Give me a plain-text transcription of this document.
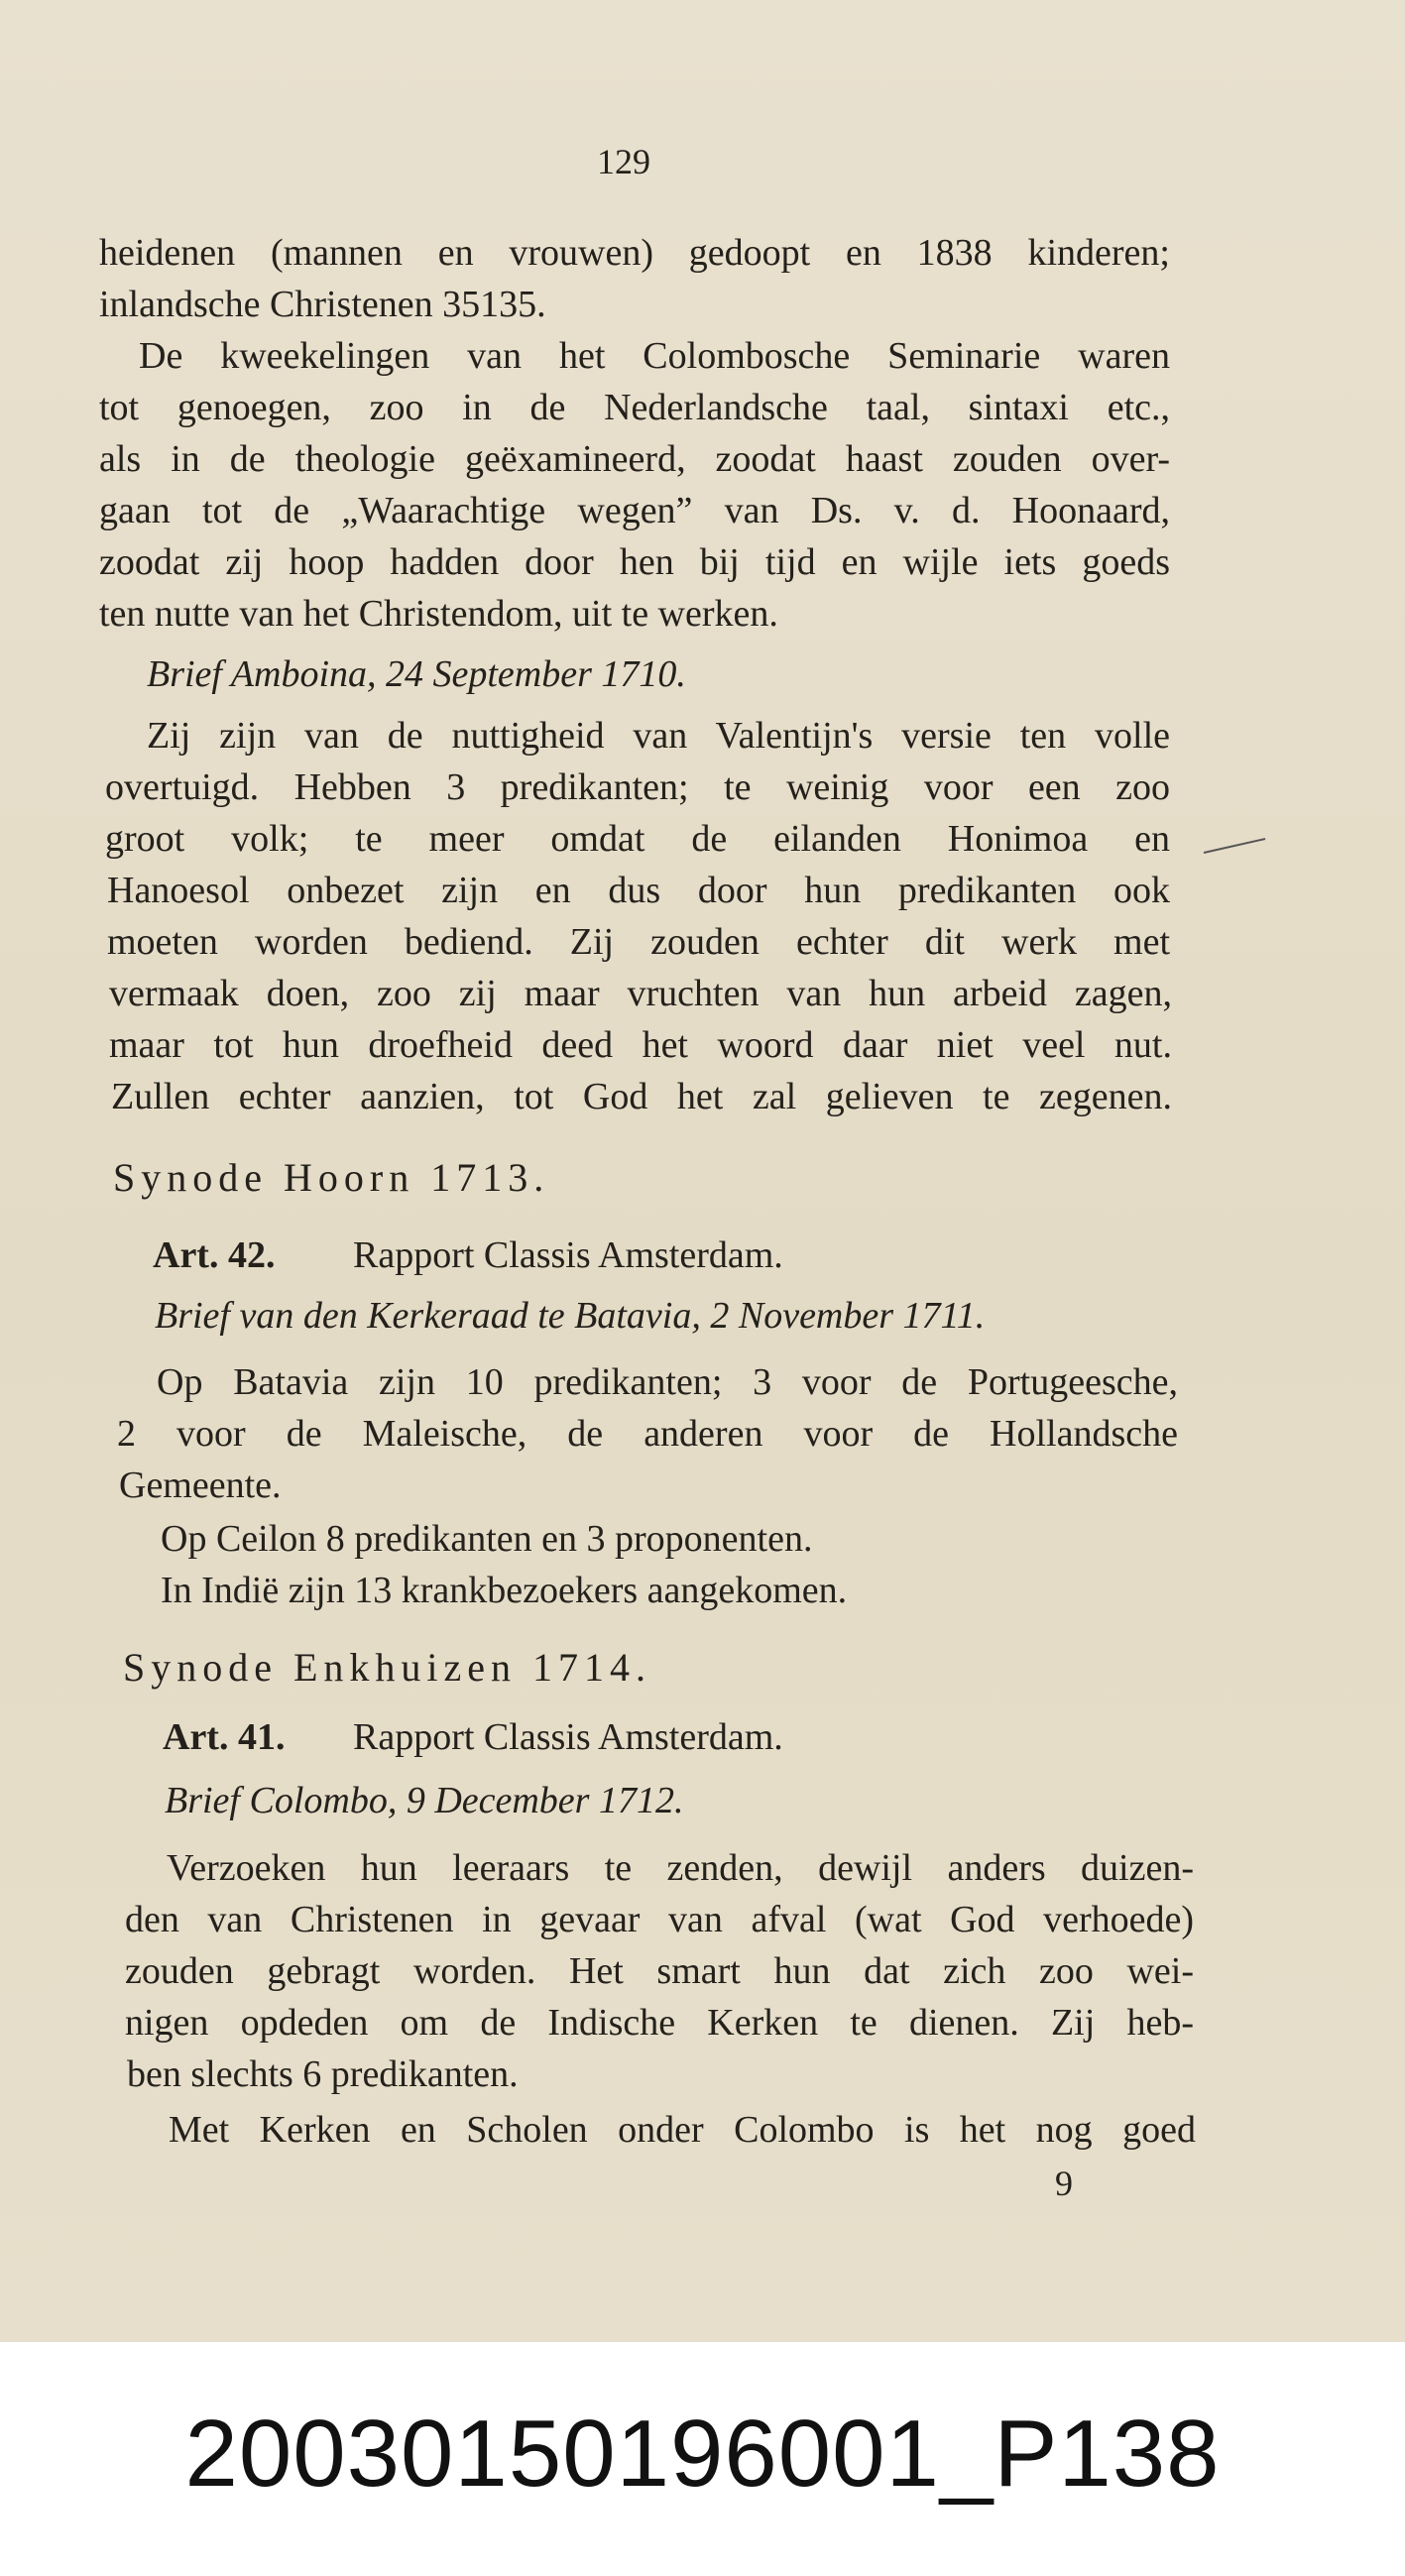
129
heidenen (mannen en vrouwen) gedoopt en 1838 kinderen;
inlandsche Christenen 35135.
De kweekelingen van het Colombosche Seminarie waren
tot genoegen, zoo in de Nederlandsche taal, sintaxi etc.,
als in de theologie geëxamineerd, zoodat haast zouden over-
gaan tot de „Waarachtige wegen” van Ds. v. d. Hoonaard,
zoodat zij hoop hadden door hen bij tijd en wijle iets goeds
ten nutte van het Christendom, uit te werken.
Brief Amboina, 24 September 1710.
Zij zijn van de nuttigheid van Valentijn's versie ten volle
overtuigd. Hebben 3 predikanten; te weinig voor een zoo
groot volk; te meer omdat de eilanden Honimoa en
Hanoesol onbezet zijn en dus door hun predikanten ook
moeten worden bediend. Zij zouden echter dit werk met
vermaak doen, zoo zij maar vruchten van hun arbeid zagen,
maar tot hun droefheid deed het woord daar niet veel nut.
Zullen echter aanzien, tot God het zal gelieven te zegenen.
Synode Hoorn 1713.
Art. 42. Rapport Classis Amsterdam.
Brief van den Kerkeraad te Batavia, 2 November 1711.
Op Batavia zijn 10 predikanten; 3 voor de Portugeesche,
2 voor de Maleische, de anderen voor de Hollandsche
Gemeente.
Op Ceilon 8 predikanten en 3 proponenten.
In Indië zijn 13 krankbezoekers aangekomen.
Synode Enkhuizen 1714.
Art. 41. Rapport Classis Amsterdam.
Brief Colombo, 9 December 1712.
Verzoeken hun leeraars te zenden, dewijl anders duizen-
den van Christenen in gevaar van afval (wat God verhoede)
zouden gebragt worden. Het smart hun dat zich zoo wei-
nigen opdeden om de Indische Kerken te dienen. Zij heb-
ben slechts 6 predikanten.
Met Kerken en Scholen onder Colombo is het nog goed
9
20030150196001_P138
